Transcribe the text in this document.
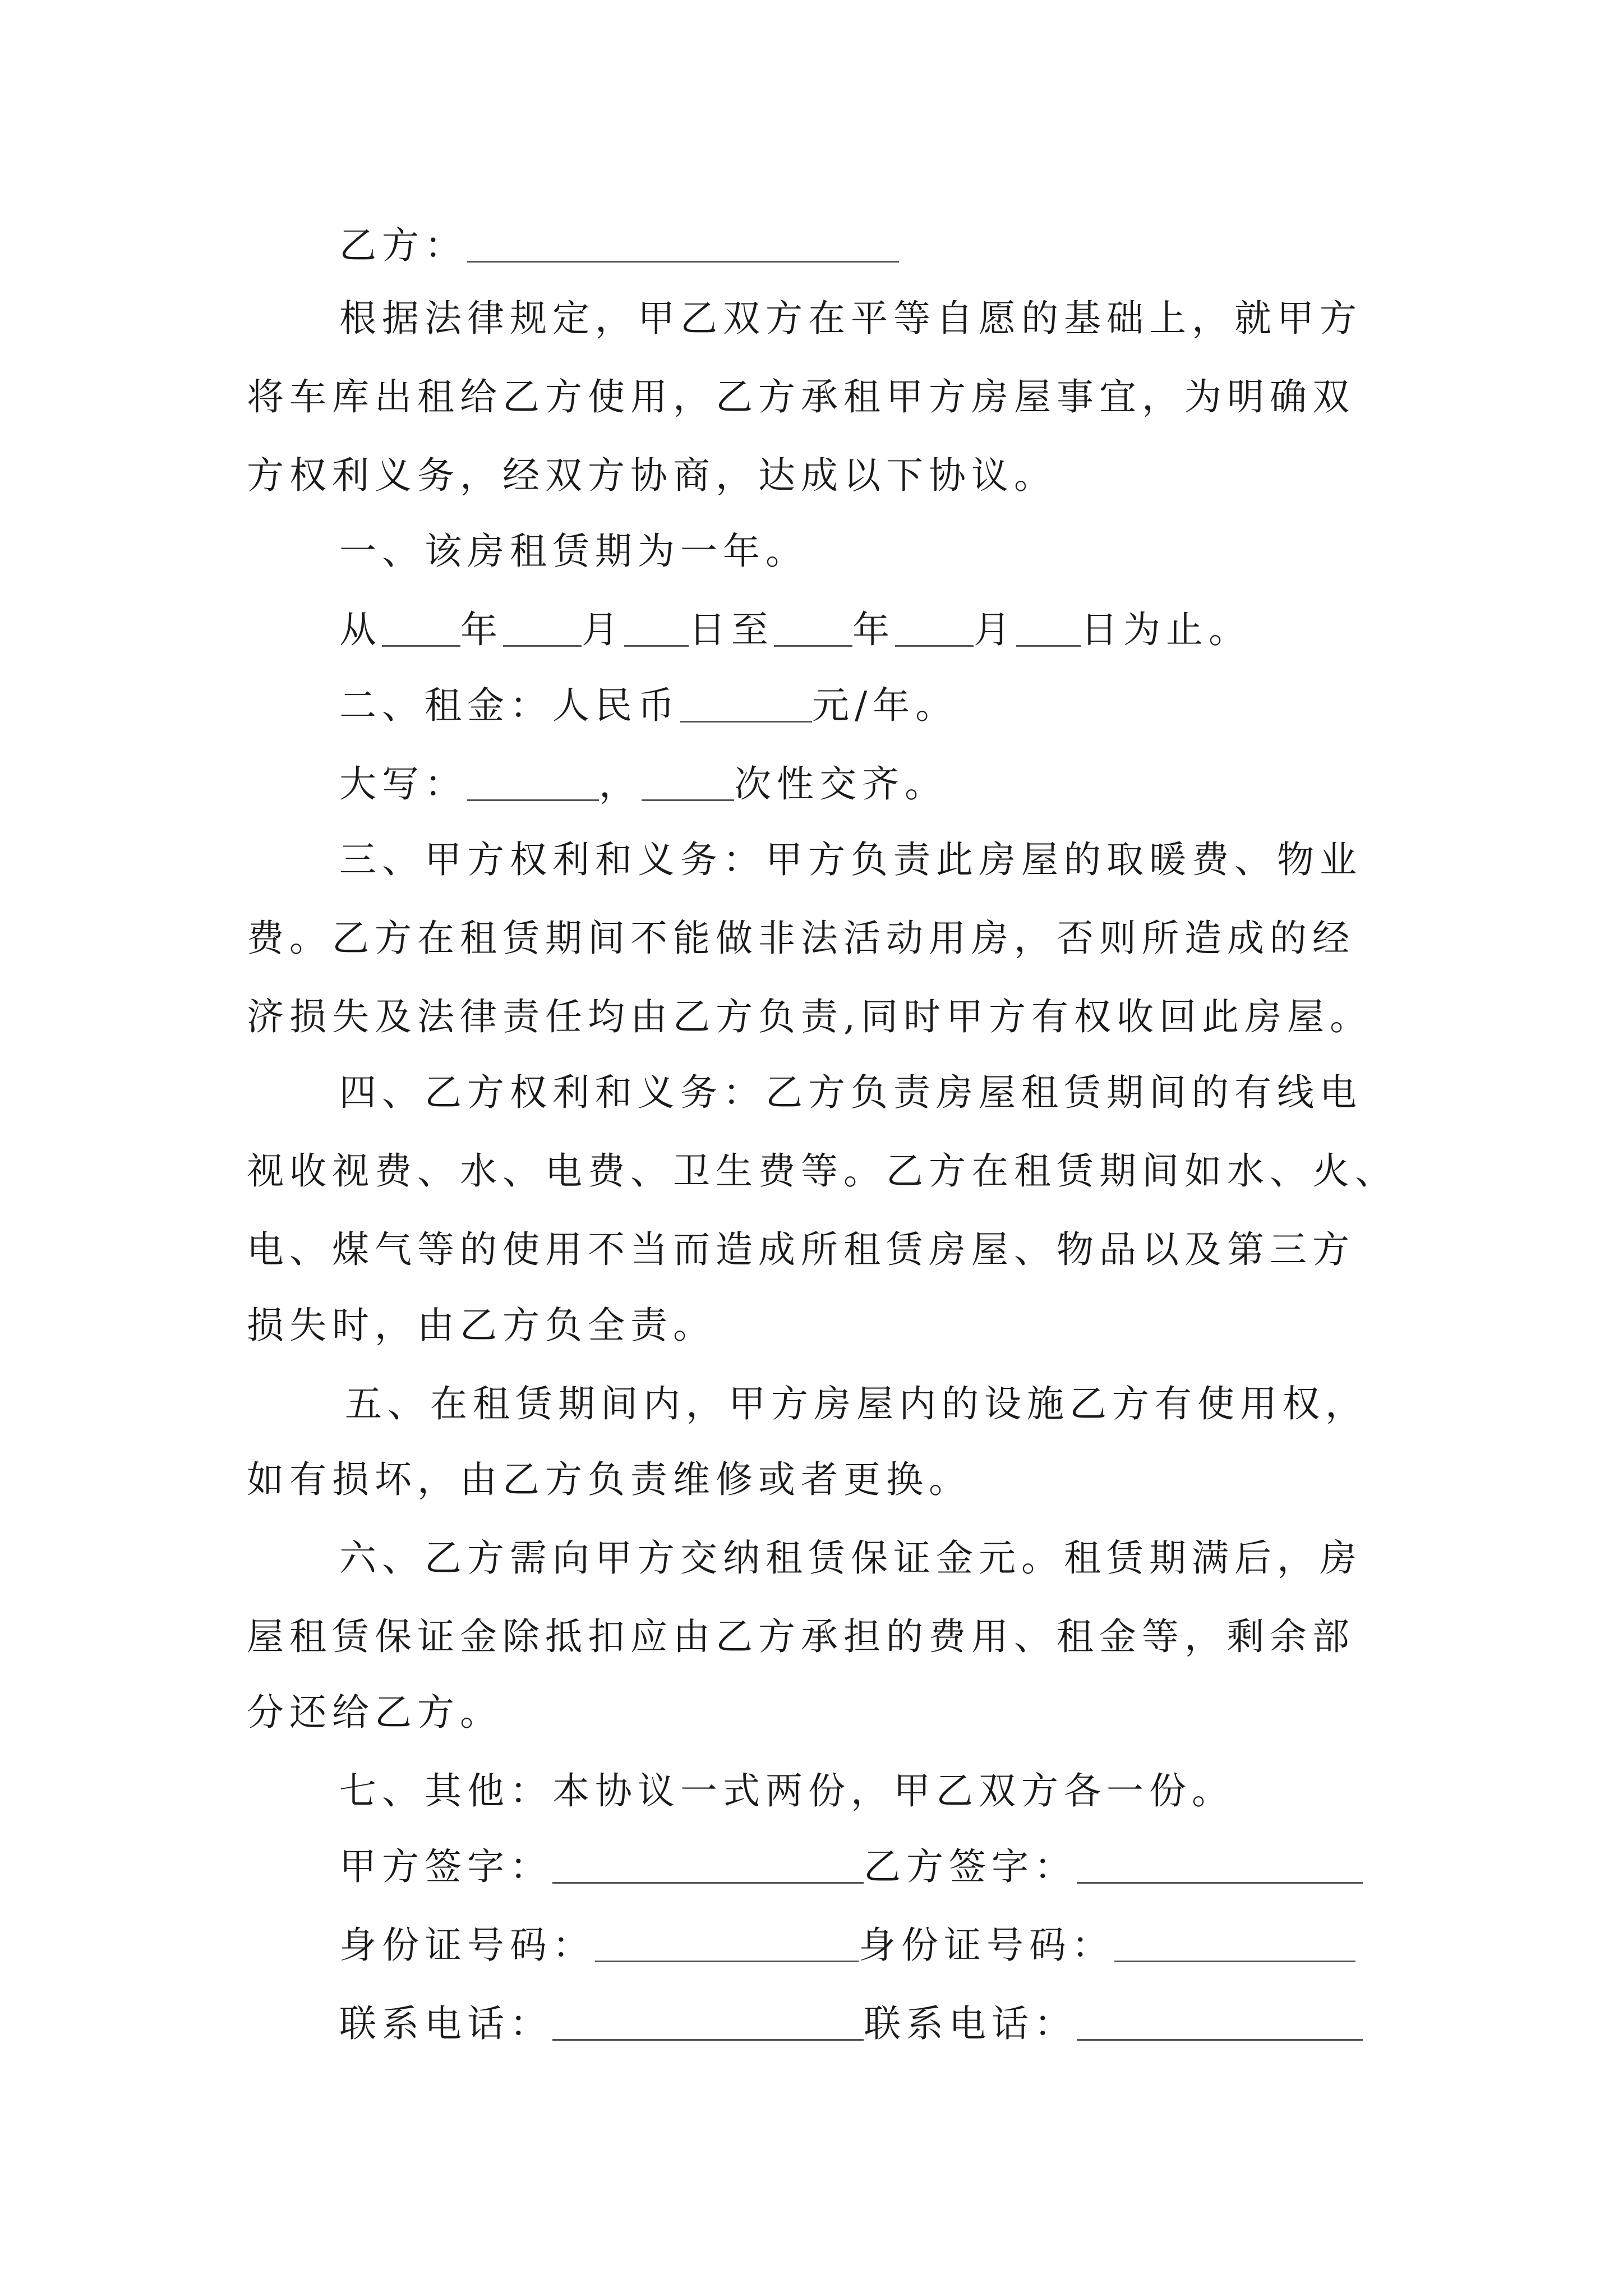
乙方：
根据法律规定，甲乙双方在平等自愿的基础上，就甲方
将车库出租给乙方使用，乙方承租甲方房屋事宜，为明确双
方权利义务，经双方协商，达成以下协议。
一、该房租赁期为一年。
从 年 月 日至 年 月 日为止。
二、租金：人民币	元/年。
大写：	，	次性交齐。
三、甲方权利和义务：甲方负责此房屋的取暖费、物业
费。乙方在租赁期间不能做非法活动用房，否则所造成的经
济损失及法律责任均由乙方负责,同时甲方有权收回此房屋。
四、乙方权利和义务：乙方负责房屋租赁期间的有线电
视收视费、水、电费、卫生费等。乙方在租赁期间如水、火、
电、煤气等的使用不当而造成所租赁房屋、物品以及第三方
损失时，由乙方负全责。
五、在租赁期间内，甲方房屋内的设施乙方有使用权，
如有损坏，由乙方负责维修或者更换。
六、乙方需向甲方交纳租赁保证金元。租赁期满后，房
屋租赁保证金除抵扣应由乙方承担的费用、租金等，剩余部
分还给乙方。
七、其他：本协议一式两份，甲乙双方各一份。
甲方签字：	乙方签字：
身份证号码：	身份证号码：
联系电话：	联系电话：
